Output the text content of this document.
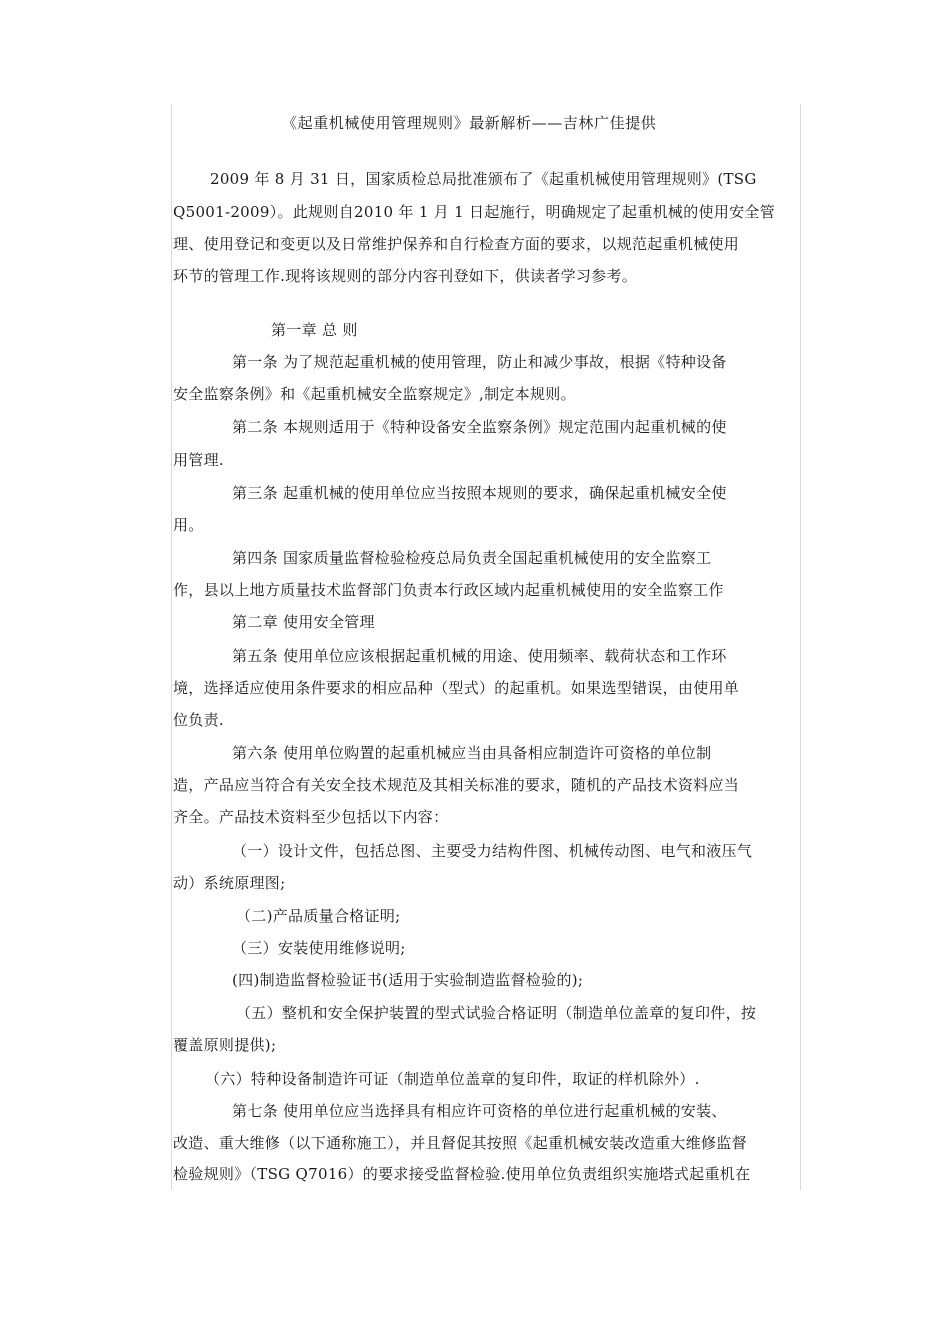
《起重机械使用管理规则》最新解析——吉林广佳提供
2009 年 8 月 31 日，国家质检总局批准颁布了《起重机械使用管理规则》(TSG
Q5001-2009）。此规则自2010 年 1 月 1 日起施行，明确规定了起重机械的使用安全管
理、使用登记和变更以及日常维护保养和自行检查方面的要求，以规范起重机械使用
环节的管理工作.现将该规则的部分内容刊登如下，供读者学习参考。
第一章 总 则
第一条 为了规范起重机械的使用管理，防止和减少事故，根据《特种设备
安全监察条例》和《起重机械安全监察规定》,制定本规则。
第二条 本规则适用于《特种设备安全监察条例》规定范围内起重机械的使
用管理.
第三条 起重机械的使用单位应当按照本规则的要求，确保起重机械安全使
用。
第四条 国家质量监督检验检疫总局负责全国起重机械使用的安全监察工
作，县以上地方质量技术监督部门负责本行政区域内起重机械使用的安全监察工作
第二章 使用安全管理
第五条 使用单位应该根据起重机械的用途、使用频率、载荷状态和工作环
境，选择适应使用条件要求的相应品种（型式）的起重机。如果选型错误，由使用单
位负责.
第六条 使用单位购置的起重机械应当由具备相应制造许可资格的单位制
造，产品应当符合有关安全技术规范及其相关标准的要求，随机的产品技术资料应当
齐全。产品技术资料至少包括以下内容：
（一）设计文件，包括总图、主要受力结构件图、机械传动图、电气和液压气
动）系统原理图;
（二)产品质量合格证明;
（三）安装使用维修说明;
(四)制造监督检验证书(适用于实验制造监督检验的);
（五）整机和安全保护装置的型式试验合格证明（制造单位盖章的复印件，按
覆盖原则提供);
（六）特种设备制造许可证（制造单位盖章的复印件，取证的样机除外）.
第七条 使用单位应当选择具有相应许可资格的单位进行起重机械的安装、
改造、重大维修（以下通称施工），并且督促其按照《起重机械安装改造重大维修监督
检验规则》（TSG Q7016）的要求接受监督检验.使用单位负责组织实施塔式起重机在
